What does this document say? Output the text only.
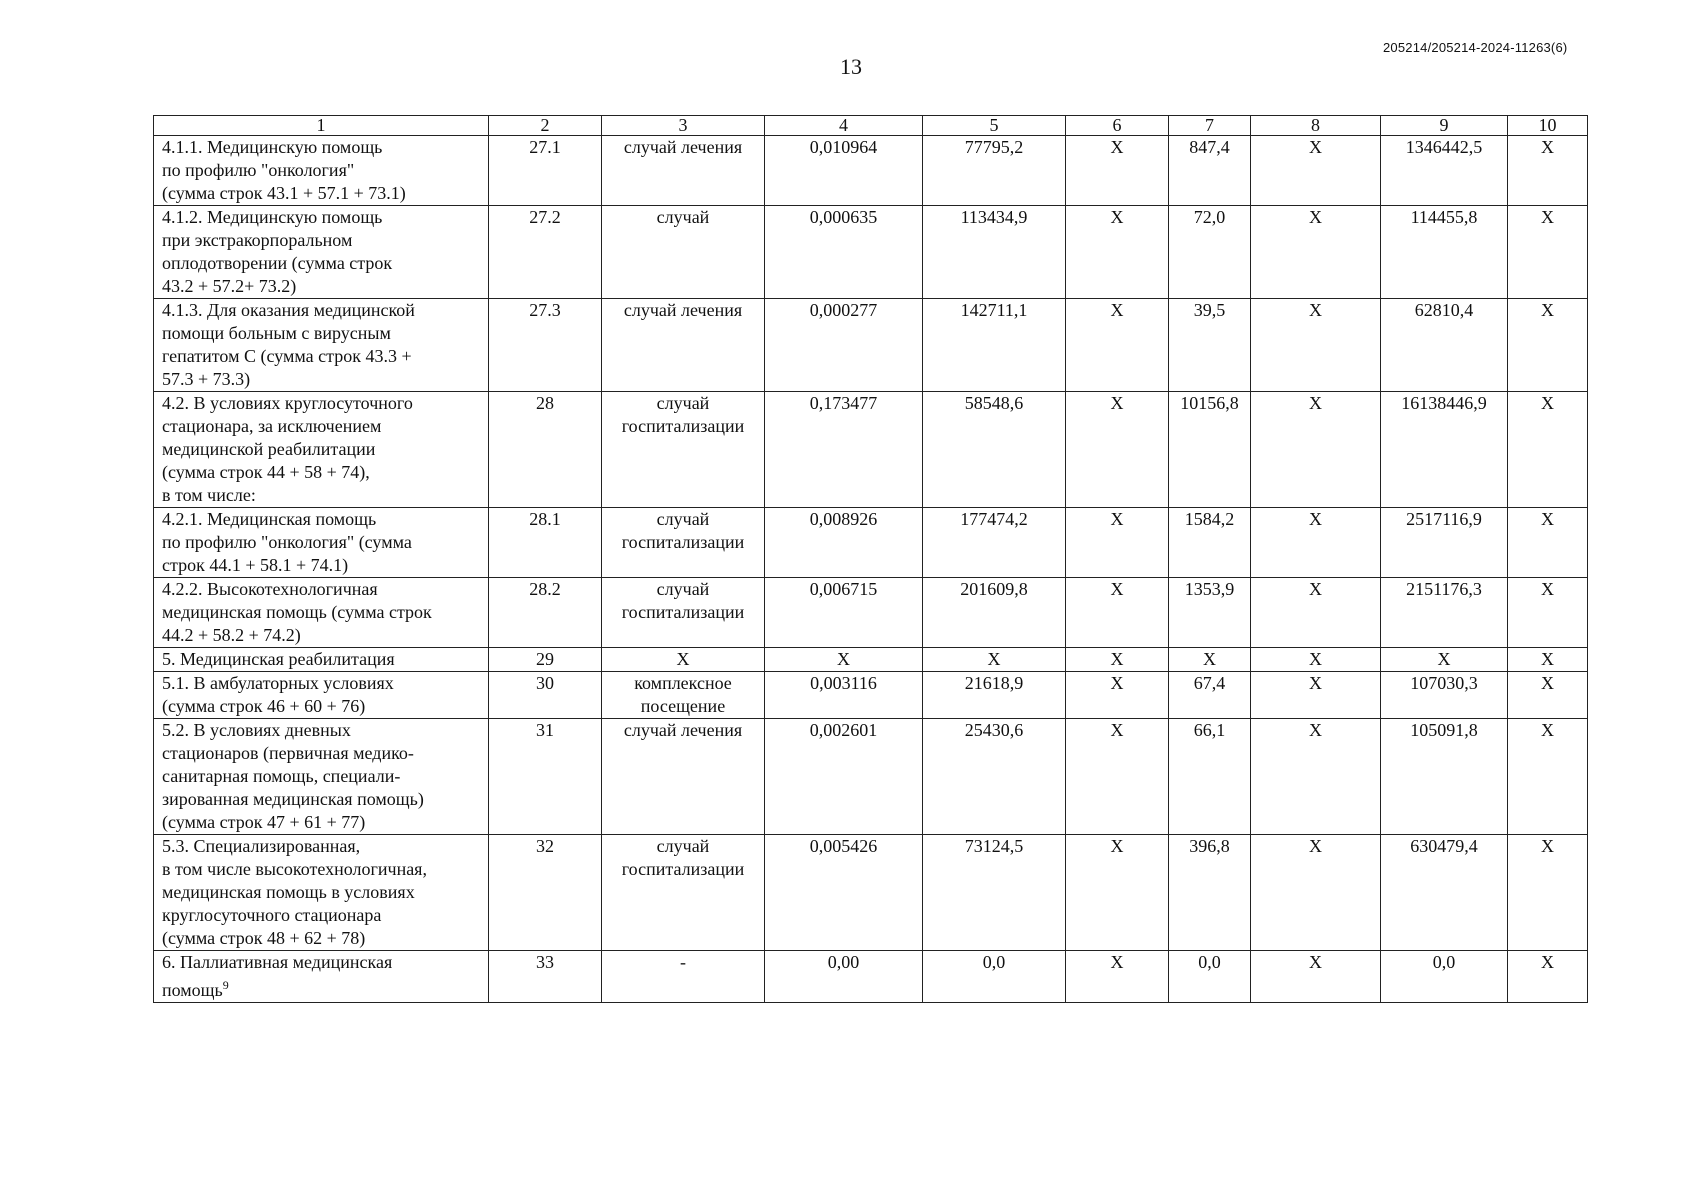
13
205214/205214-2024-11263(6)
1	2	3	4	5	6	7	8	9	10
4.1.1. Медицинскую помощь
по профилю "онкология"
(сумма строк 43.1 + 57.1 + 73.1)	27.1	случай лечения	0,010964	77795,2	X	847,4	X	1346442,5	X
4.1.2. Медицинскую помощь
при экстракорпоральном
оплодотворении (сумма строк
43.2 + 57.2+ 73.2)	27.2	случай	0,000635	113434,9	X	72,0	X	114455,8	X
4.1.3. Для оказания медицинской
помощи больным с вирусным
гепатитом С (сумма строк 43.3 +
57.3 + 73.3)	27.3	случай лечения	0,000277	142711,1	X	39,5	X	62810,4	X
4.2. В условиях круглосуточного
стационара, за исключением
медицинской реабилитации
(сумма строк 44 + 58 + 74),
в том числе:	28	случай
госпитализации	0,173477	58548,6	X	10156,8	X	16138446,9	X
4.2.1. Медицинская помощь
по профилю "онкология" (сумма
строк 44.1 + 58.1 + 74.1)	28.1	случай
госпитализации	0,008926	177474,2	X	1584,2	X	2517116,9	X
4.2.2. Высокотехнологичная
медицинская помощь (сумма строк
44.2 + 58.2 + 74.2)	28.2	случай
госпитализации	0,006715	201609,8	X	1353,9	X	2151176,3	X
5. Медицинская реабилитация	29	X	X	X	X	X	X	X	X
5.1. В амбулаторных условиях
(сумма строк 46 + 60 + 76)	30	комплексное
посещение	0,003116	21618,9	X	67,4	X	107030,3	X
5.2. В условиях дневных
стационаров (первичная медико-
санитарная помощь, специали-
зированная медицинская помощь)
(сумма строк 47 + 61 + 77)	31	случай лечения	0,002601	25430,6	X	66,1	X	105091,8	X
5.3. Специализированная,
в том числе высокотехнологичная,
медицинская помощь в условиях
круглосуточного стационара
(сумма строк 48 + 62 + 78)	32	случай
госпитализации	0,005426	73124,5	X	396,8	X	630479,4	X
6. Паллиативная медицинская
помощь$^9$	33	-	0,00	0,0	X	0,0	X	0,0	X
